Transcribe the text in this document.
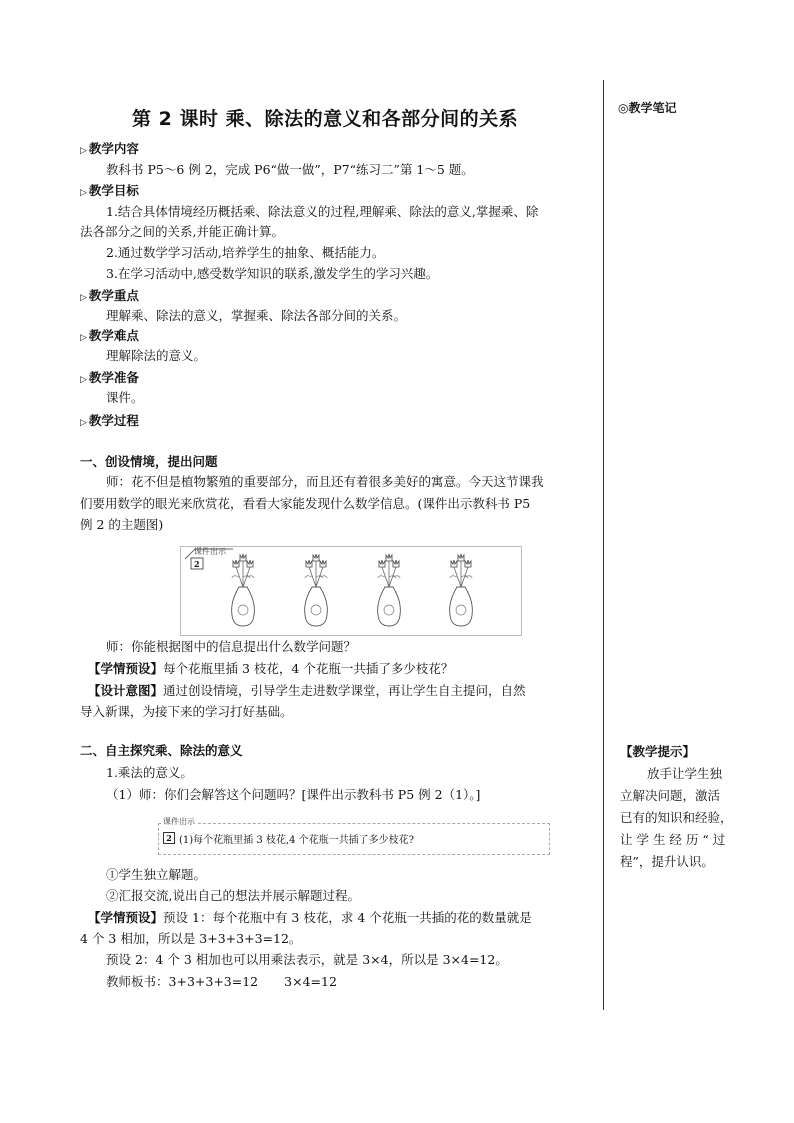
第 2 课时 乘、除法的意义和各部分间的关系	◎教学笔记
▷ 教学内容
教科书 P5～6 例 2，完成 P6“做一做”，P7“练习二”第 1～5 题。
▷ 教学目标
1.结合具体情境经历概括乘、除法意义的过程,理解乘、除法的意义,掌握乘、除
法各部分之间的关系,并能正确计算。
2.通过数学学习活动,培养学生的抽象、概括能力。
3.在学习活动中,感受数学知识的联系,激发学生的学习兴趣。
▷ 教学重点
理解乘、除法的意义，掌握乘、除法各部分间的关系。
▷ 教学难点
理解除法的意义。
▷ 教学准备
课件。
▷ 教学过程
一、创设情境，提出问题
师：花不但是植物繁殖的重要部分，而且还有着很多美好的寓意。今天这节课我
们要用数学的眼光来欣赏花，看看大家能发现什么数学信息。(课件出示教科书 P5
例 2 的主题图)
课件出示
2
师：你能根据图中的信息提出什么数学问题？
【学情预设】每个花瓶里插 3 枝花，4 个花瓶一共插了多少枝花？
【设计意图】通过创设情境，引导学生走进数学课堂，再让学生自主提问，自然
导入新课，为接下来的学习打好基础。
二、自主探究乘、除法的意义
1.乘法的意义。
（1）师：你们会解答这个问题吗？[课件出示教科书 P5 例 2（1）。]
课件出示
2 (1)每个花瓶里插 3 枝花,4 个花瓶一共插了多少枝花?
①学生独立解题。
②汇报交流,说出自己的想法并展示解题过程。
【学情预设】预设 1：每个花瓶中有 3 枝花，求 4 个花瓶一共插的花的数量就是
4 个 3 相加，所以是 3+3+3+3=12。
预设 2：4 个 3 相加也可以用乘法表示，就是 3×4，所以是 3×4=12。
教师板书：3+3+3+3=12 3×4=12
【教学提示】
放手让学生独
立解决问题，激活
已有的知识和经验，
让 学 生 经 历 “ 过
程”，提升认识。
